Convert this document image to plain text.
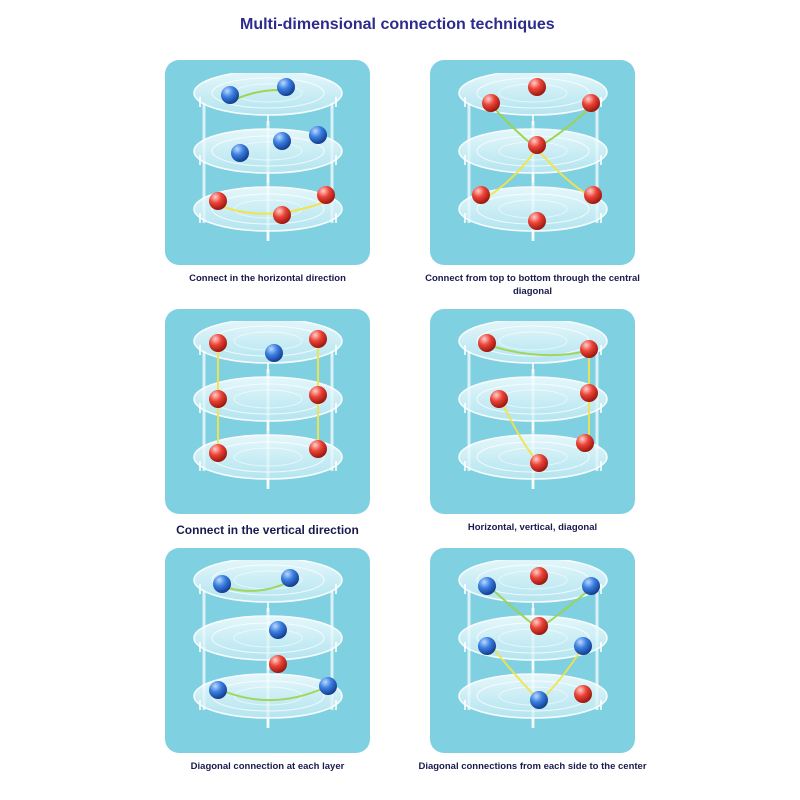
Multi-dimensional connection techniques
Connect in the horizontal direction	Connect from top to bottom through the central diagonal
Connect in the vertical direction	Horizontal, vertical, diagonal
Diagonal connection at each layer	Diagonal connections from each side to the center
